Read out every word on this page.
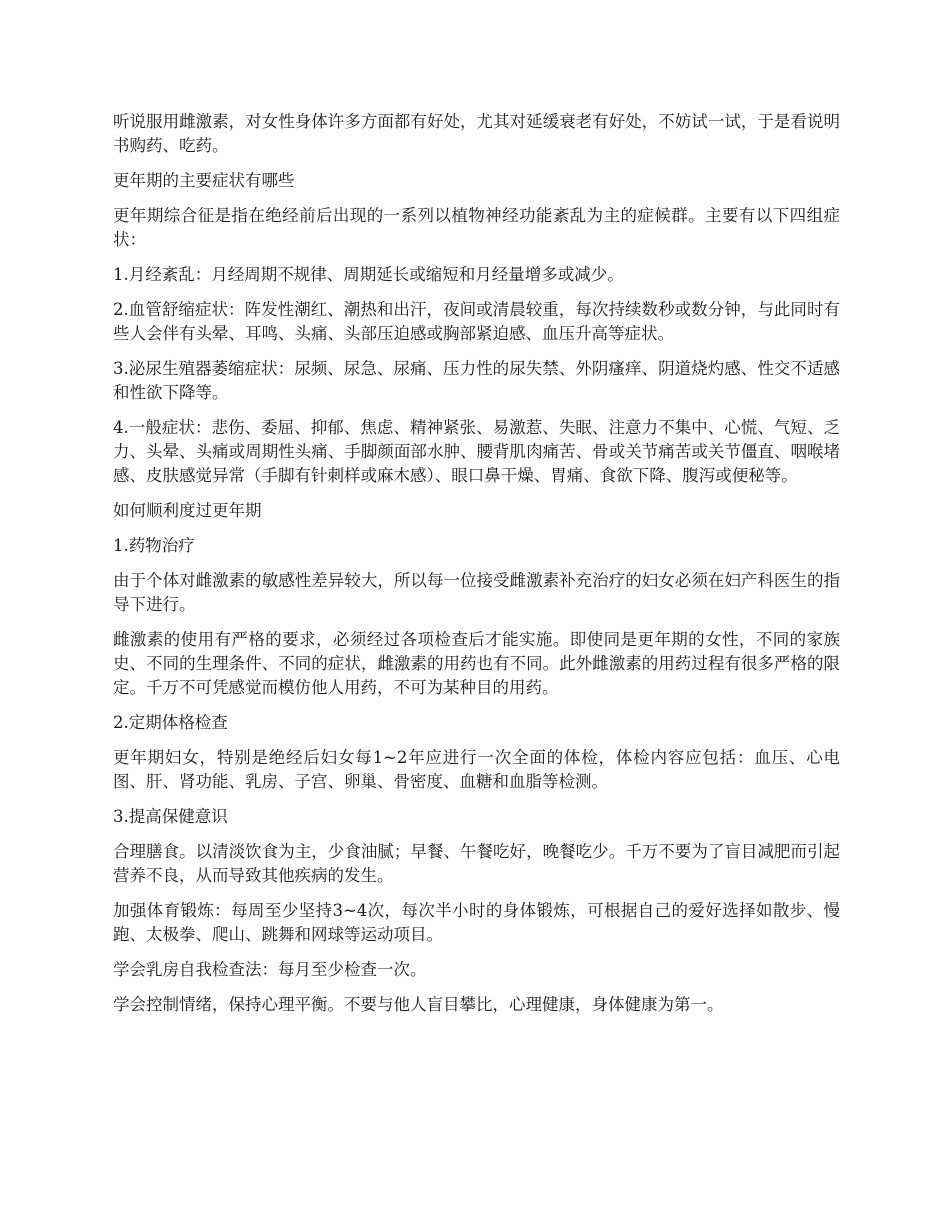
听说服用雌激素，对女性身体许多方面都有好处，尤其对延缓衰老有好处，不妨试一试，于是看说明书购药、吃药。

更年期的主要症状有哪些

更年期综合征是指在绝经前后出现的一系列以植物神经功能紊乱为主的症候群。主要有以下四组症状：

1.月经紊乱：月经周期不规律、周期延长或缩短和月经量增多或减少。

2.血管舒缩症状：阵发性潮红、潮热和出汗，夜间或清晨较重，每次持续数秒或数分钟，与此同时有些人会伴有头晕、耳鸣、头痛、头部压迫感或胸部紧迫感、血压升高等症状。

3.泌尿生殖器萎缩症状：尿频、尿急、尿痛、压力性的尿失禁、外阴瘙痒、阴道烧灼感、性交不适感和性欲下降等。

4.一般症状：悲伤、委屈、抑郁、焦虑、精神紧张、易激惹、失眠、注意力不集中、心慌、气短、乏力、头晕、头痛或周期性头痛、手脚颜面部水肿、腰背肌肉痛苦、骨或关节痛苦或关节僵直、咽喉堵感、皮肤感觉异常（手脚有针刺样或麻木感）、眼口鼻干燥、胃痛、食欲下降、腹泻或便秘等。

如何顺利度过更年期

1.药物治疗

由于个体对雌激素的敏感性差异较大，所以每一位接受雌激素补充治疗的妇女必须在妇产科医生的指导下进行。

雌激素的使用有严格的要求，必须经过各项检查后才能实施。即使同是更年期的女性，不同的家族史、不同的生理条件、不同的症状，雌激素的用药也有不同。此外雌激素的用药过程有很多严格的限定。千万不可凭感觉而模仿他人用药，不可为某种目的用药。

2.定期体格检查

更年期妇女，特别是绝经后妇女每1~2年应进行一次全面的体检，体检内容应包括：血压、心电图、肝、肾功能、乳房、子宫、卵巢、骨密度、血糖和血脂等检测。

3.提高保健意识

合理膳食。以清淡饮食为主，少食油腻；早餐、午餐吃好，晚餐吃少。千万不要为了盲目减肥而引起营养不良，从而导致其他疾病的发生。

加强体育锻炼：每周至少坚持3~4次，每次半小时的身体锻炼，可根据自己的爱好选择如散步、慢跑、太极拳、爬山、跳舞和网球等运动项目。

学会乳房自我检查法：每月至少检查一次。

学会控制情绪，保持心理平衡。不要与他人盲目攀比，心理健康，身体健康为第一。
